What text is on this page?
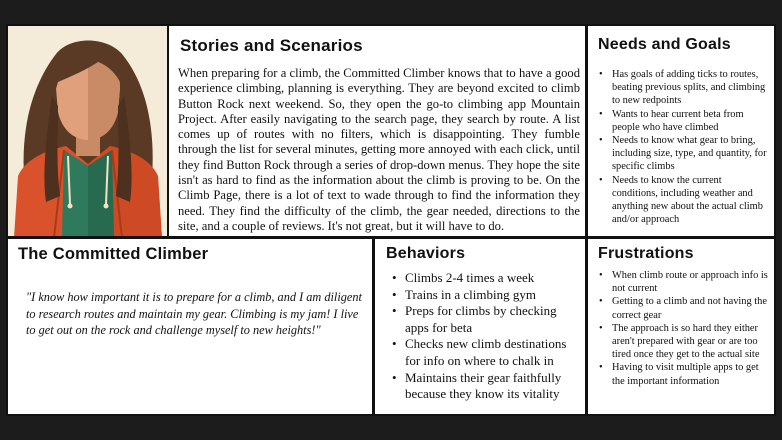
Stories and Scenarios

When preparing for a climb, the Committed Climber knows that to have a good experience climbing, planning is everything. They are beyond excited to climb Button Rock next weekend. So, they open the go-to climbing app Mountain Project. After easily navigating to the search page, they search by route. A list comes up of routes with no filters, which is disappointing. They fumble through the list for several minutes, getting more annoyed with each click, until they find Button Rock through a series of drop-down menus. They hope the site isn't as hard to find as the information about the climb is proving to be. On the Climb Page, there is a lot of text to wade through to find the information they need. They find the difficulty of the climb, the gear needed, directions to the site, and a couple of reviews. It's not great, but it will have to do.

Needs and Goals
• Has goals of adding ticks to routes, beating previous splits, and climbing to new redpoints
• Wants to hear current beta from people who have climbed
• Needs to know what gear to bring, including size, type, and quantity, for specific climbs
• Needs to know the current conditions, including weather and anything new about the actual climb and/or approach
The Committed Climber

"I know how important it is to prepare for a climb, and I am diligent to research routes and maintain my gear. Climbing is my jam! I live to get out on the rock and challenge myself to new heights!"

Behaviors
• Climbs 2-4 times a week
• Trains in a climbing gym
• Preps for climbs by checking apps for beta
• Checks new climb destinations for info on where to chalk in
• Maintains their gear faithfully because they know its vitality
Frustrations
• When climb route or approach info is not current
• Getting to a climb and not having the correct gear
• The approach is so hard they either aren't prepared with gear or are too tired once they get to the actual site
• Having to visit multiple apps to get the important information
